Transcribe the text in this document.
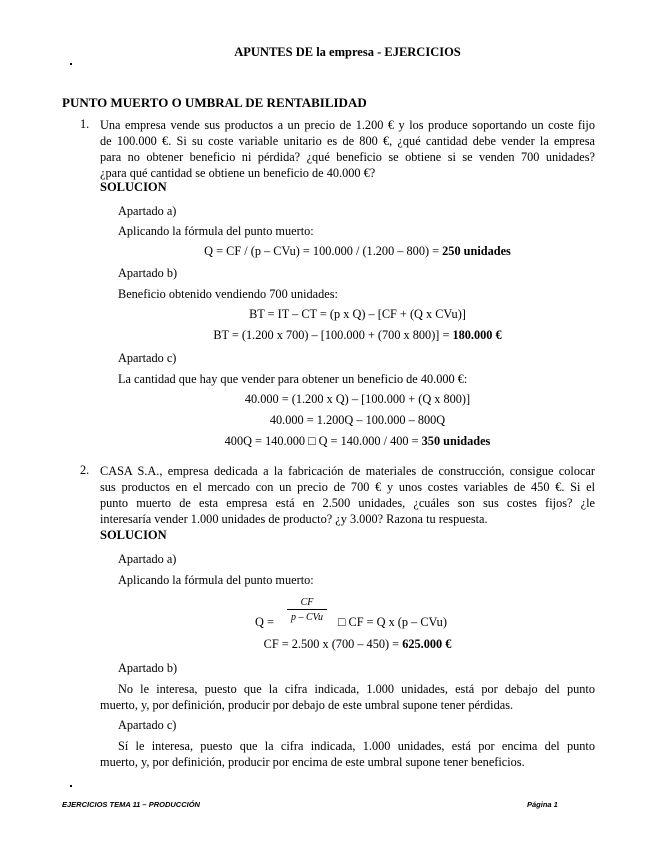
APUNTES DE la empresa - EJERCICIOS
PUNTO MUERTO O UMBRAL DE RENTABILIDAD
1. Una empresa vende sus productos a un precio de 1.200 € y los produce soportando un coste fijo
de 100.000 €. Si su coste variable unitario es de 800 €, ¿qué cantidad debe vender la empresa
para no obtener beneficio ni pérdida? ¿qué beneficio se obtiene si se venden 700 unidades?
¿para qué cantidad se obtiene un beneficio de 40.000 €?
SOLUCION
Apartado a)
Aplicando la fórmula del punto muerto:
Q = CF / (p – CVu) = 100.000 / (1.200 – 800) = 250 unidades
Apartado b)
Beneficio obtenido vendiendo 700 unidades:
BT = IT – CT = (p x Q) – [CF + (Q x CVu)]
BT = (1.200 x 700) – [100.000 + (700 x 800)] = 180.000 €
Apartado c)
La cantidad que hay que vender para obtener un beneficio de 40.000 €:
40.000 = (1.200 x Q) – [100.000 + (Q x 800)]
40.000 = 1.200Q – 100.000 – 800Q
400Q = 140.000 □ Q = 140.000 / 400 = 350 unidades
2. CASA S.A., empresa dedicada a la fabricación de materiales de construcción, consigue colocar
sus productos en el mercado con un precio de 700 € y unos costes variables de 450 €. Si el
punto muerto de esta empresa está en 2.500 unidades, ¿cuáles son sus costes fijos? ¿le
interesaría vender 1.000 unidades de producto? ¿y 3.000? Razona tu respuesta.
SOLUCION
Apartado a)
Aplicando la fórmula del punto muerto:
Q =
CF
p – CVu	□ CF = Q x (p – CVu)
CF = 2.500 x (700 – 450) = 625.000 €
Apartado b)
No le interesa, puesto que la cifra indicada, 1.000 unidades, está por debajo del punto
muerto, y, por definición, producir por debajo de este umbral supone tener pérdidas.
Apartado c)
Sí le interesa, puesto que la cifra indicada, 1.000 unidades, está por encima del punto
muerto, y, por definición, producir por encima de este umbral supone tener beneficios.
EJERCICIOS TEMA 11 – PRODUCCIÓN	Página 1
